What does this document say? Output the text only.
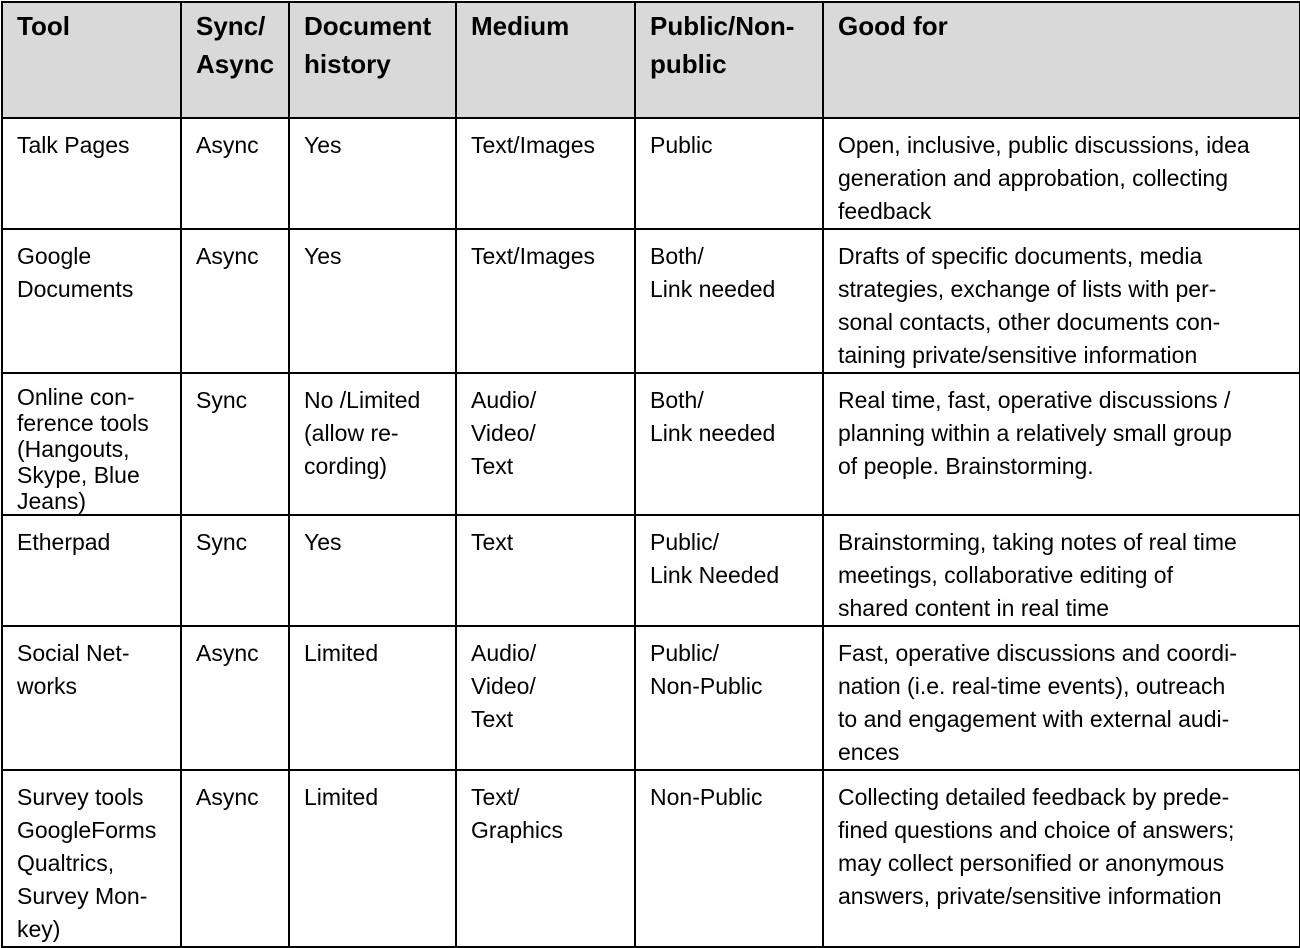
Tool	Sync/
Async	Document
history	Medium	Public/Non-
public	Good for
Talk Pages	Async	Yes	Text/Images	Public	Open, inclusive, public discussions, idea
generation and approbation, collecting
feedback
Google
Documents	Async	Yes	Text/Images	Both/
Link needed	Drafts of specific documents, media
strategies, exchange of lists with per-
sonal contacts, other documents con-
taining private/sensitive information
Online con-
ference tools
(Hangouts,
Skype, Blue
Jeans)	Sync	No /Limited
(allow re-
cording)	Audio/
Video/
Text	Both/
Link needed	Real time, fast, operative discussions /
planning within a relatively small group
of people. Brainstorming.
Etherpad	Sync	Yes	Text	Public/
Link Needed	Brainstorming, taking notes of real time
meetings, collaborative editing of
shared content in real time
Social Net-
works	Async	Limited	Audio/
Video/
Text	Public/
Non-Public	Fast, operative discussions and coordi-
nation (i.e. real-time events), outreach
to and engagement with external audi-
ences
Survey tools
GoogleForms
Qualtrics,
Survey Mon-
key)	Async	Limited	Text/
Graphics	Non-Public	Collecting detailed feedback by prede-
fined questions and choice of answers;
may collect personified or anonymous
answers, private/sensitive information
